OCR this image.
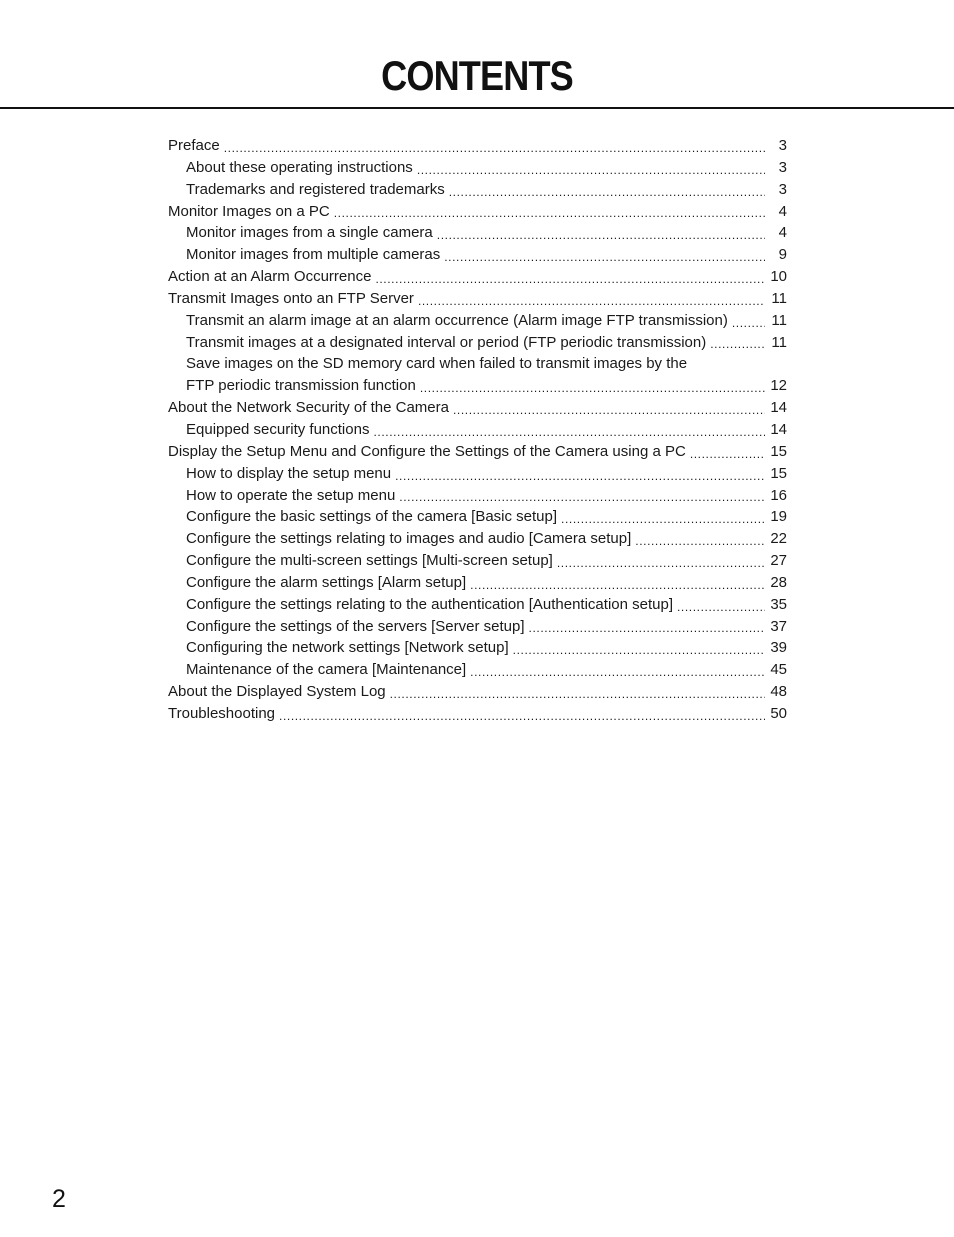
CONTENTS
Preface .....	3
About these operating instructions .....	3
Trademarks and registered trademarks .....	3
Monitor Images on a PC .....	4
Monitor images from a single camera .....	4
Monitor images from multiple cameras .....	9
Action at an Alarm Occurrence .....	10
Transmit Images onto an FTP Server .....	11
Transmit an alarm image at an alarm occurrence (Alarm image FTP transmission) .....	11
Transmit images at a designated interval or period (FTP periodic transmission) .....	11
Save images on the SD memory card when failed to transmit images by the
FTP periodic transmission function .....	12
About the Network Security of the Camera .....	14
Equipped security functions .....	14
Display the Setup Menu and Configure the Settings of the Camera using a PC .....	15
How to display the setup menu .....	15
How to operate the setup menu .....	16
Configure the basic settings of the camera [Basic setup] .....	19
Configure the settings relating to images and audio [Camera setup] .....	22
Configure the multi-screen settings [Multi-screen setup] .....	27
Configure the alarm settings [Alarm setup] .....	28
Configure the settings relating to the authentication [Authentication setup] .....	35
Configure the settings of the servers [Server setup] .....	37
Configuring the network settings [Network setup] .....	39
Maintenance of the camera [Maintenance] .....	45
About the Displayed System Log .....	48
Troubleshooting .....	50
2
